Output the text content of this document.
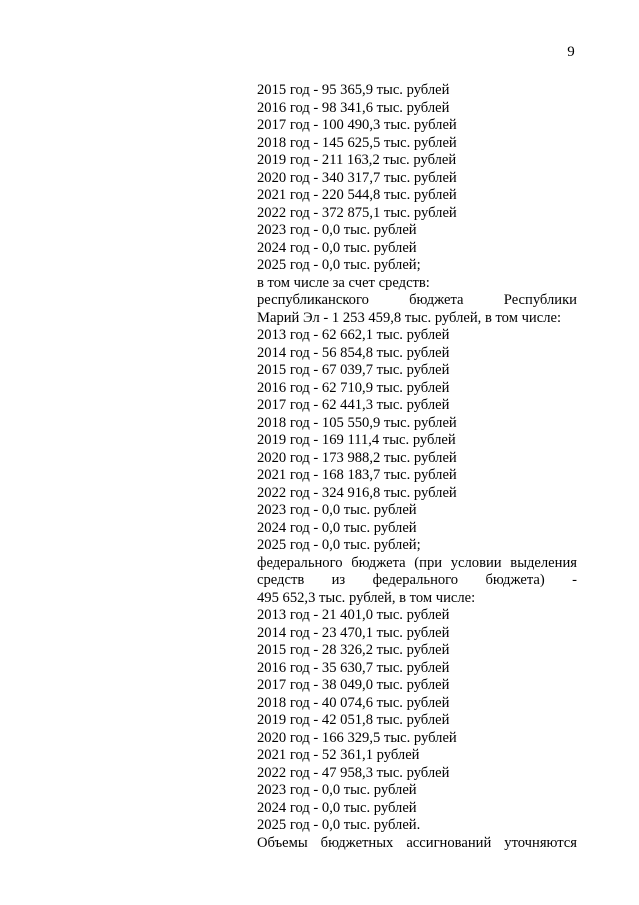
9
2015 год - 95 365,9 тыс. рублей
2016 год - 98 341,6 тыс. рублей
2017 год - 100 490,3 тыс. рублей
2018 год - 145 625,5 тыс. рублей
2019 год - 211 163,2 тыс. рублей
2020 год - 340 317,7 тыс. рублей
2021 год - 220 544,8 тыс. рублей
2022 год - 372 875,1 тыс. рублей
2023 год - 0,0 тыс. рублей
2024 год - 0,0 тыс. рублей
2025 год - 0,0 тыс. рублей;
в том числе за счет средств:
республиканского бюджета Республики
Марий Эл - 1 253 459,8 тыс. рублей, в том числе:
2013 год - 62 662,1 тыс. рублей
2014 год - 56 854,8 тыс. рублей
2015 год - 67 039,7 тыс. рублей
2016 год - 62 710,9 тыс. рублей
2017 год - 62 441,3 тыс. рублей
2018 год - 105 550,9 тыс. рублей
2019 год - 169 111,4 тыс. рублей
2020 год - 173 988,2 тыс. рублей
2021 год - 168 183,7 тыс. рублей
2022 год - 324 916,8 тыс. рублей
2023 год - 0,0 тыс. рублей
2024 год - 0,0 тыс. рублей
2025 год - 0,0 тыс. рублей;
федерального бюджета (при условии выделения
средств из федерального бюджета) -
495 652,3 тыс. рублей, в том числе:
2013 год - 21 401,0 тыс. рублей
2014 год - 23 470,1 тыс. рублей
2015 год - 28 326,2 тыс. рублей
2016 год - 35 630,7 тыс. рублей
2017 год - 38 049,0 тыс. рублей
2018 год - 40 074,6 тыс. рублей
2019 год - 42 051,8 тыс. рублей
2020 год - 166 329,5 тыс. рублей
2021 год - 52 361,1 рублей
2022 год - 47 958,3 тыс. рублей
2023 год - 0,0 тыс. рублей
2024 год - 0,0 тыс. рублей
2025 год - 0,0 тыс. рублей.
Объемы бюджетных ассигнований уточняются
